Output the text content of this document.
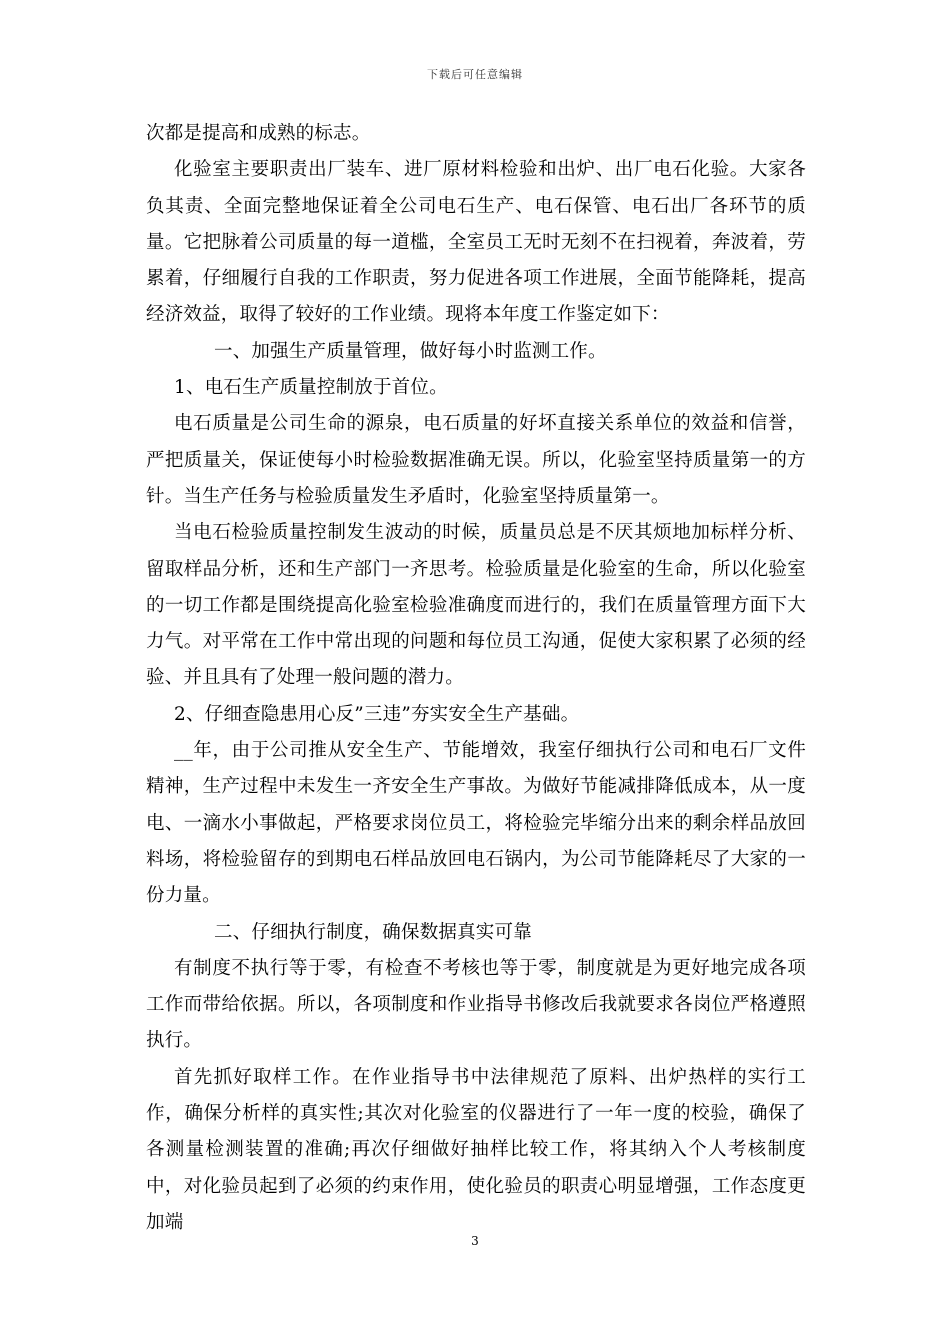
下载后可任意编辑

次都是提高和成熟的标志。

化验室主要职责出厂装车、进厂原材料检验和出炉、出厂电石化验。大家各负其责、全面完整地保证着全公司电石生产、电石保管、电石出厂各环节的质量。它把脉着公司质量的每一道槛，全室员工无时无刻不在扫视着，奔波着，劳累着，仔细履行自我的工作职责，努力促进各项工作进展，全面节能降耗，提高经济效益，取得了较好的工作业绩。现将本年度工作鉴定如下：

一、加强生产质量管理，做好每小时监测工作。

1、电石生产质量控制放于首位。

电石质量是公司生命的源泉，电石质量的好坏直接关系单位的效益和信誉，严把质量关，保证使每小时检验数据准确无误。所以，化验室坚持质量第一的方针。当生产任务与检验质量发生矛盾时，化验室坚持质量第一。

当电石检验质量控制发生波动的时候，质量员总是不厌其烦地加标样分析、留取样品分析，还和生产部门一齐思考。检验质量是化验室的生命，所以化验室的一切工作都是围绕提高化验室检验准确度而进行的，我们在质量管理方面下大力气。对平常在工作中常出现的问题和每位员工沟通，促使大家积累了必须的经验、并且具有了处理一般问题的潜力。

2、仔细查隐患用心反”三违”夯实安全生产基础。

__年，由于公司推从安全生产、节能增效，我室仔细执行公司和电石厂文件精神，生产过程中未发生一齐安全生产事故。为做好节能减排降低成本，从一度电、一滴水小事做起，严格要求岗位员工，将检验完毕缩分出来的剩余样品放回料场，将检验留存的到期电石样品放回电石锅内，为公司节能降耗尽了大家的一份力量。

二、仔细执行制度，确保数据真实可靠

有制度不执行等于零，有检查不考核也等于零，制度就是为更好地完成各项工作而带给依据。所以，各项制度和作业指导书修改后我就要求各岗位严格遵照执行。

首先抓好取样工作。在作业指导书中法律规范了原料、出炉热样的实行工作，确保分析样的真实性;其次对化验室的仪器进行了一年一度的校验，确保了各测量检测装置的准确;再次仔细做好抽样比较工作，将其纳入个人考核制度中，对化验员起到了必须的约束作用，使化验员的职责心明显增强，工作态度更加端

3
